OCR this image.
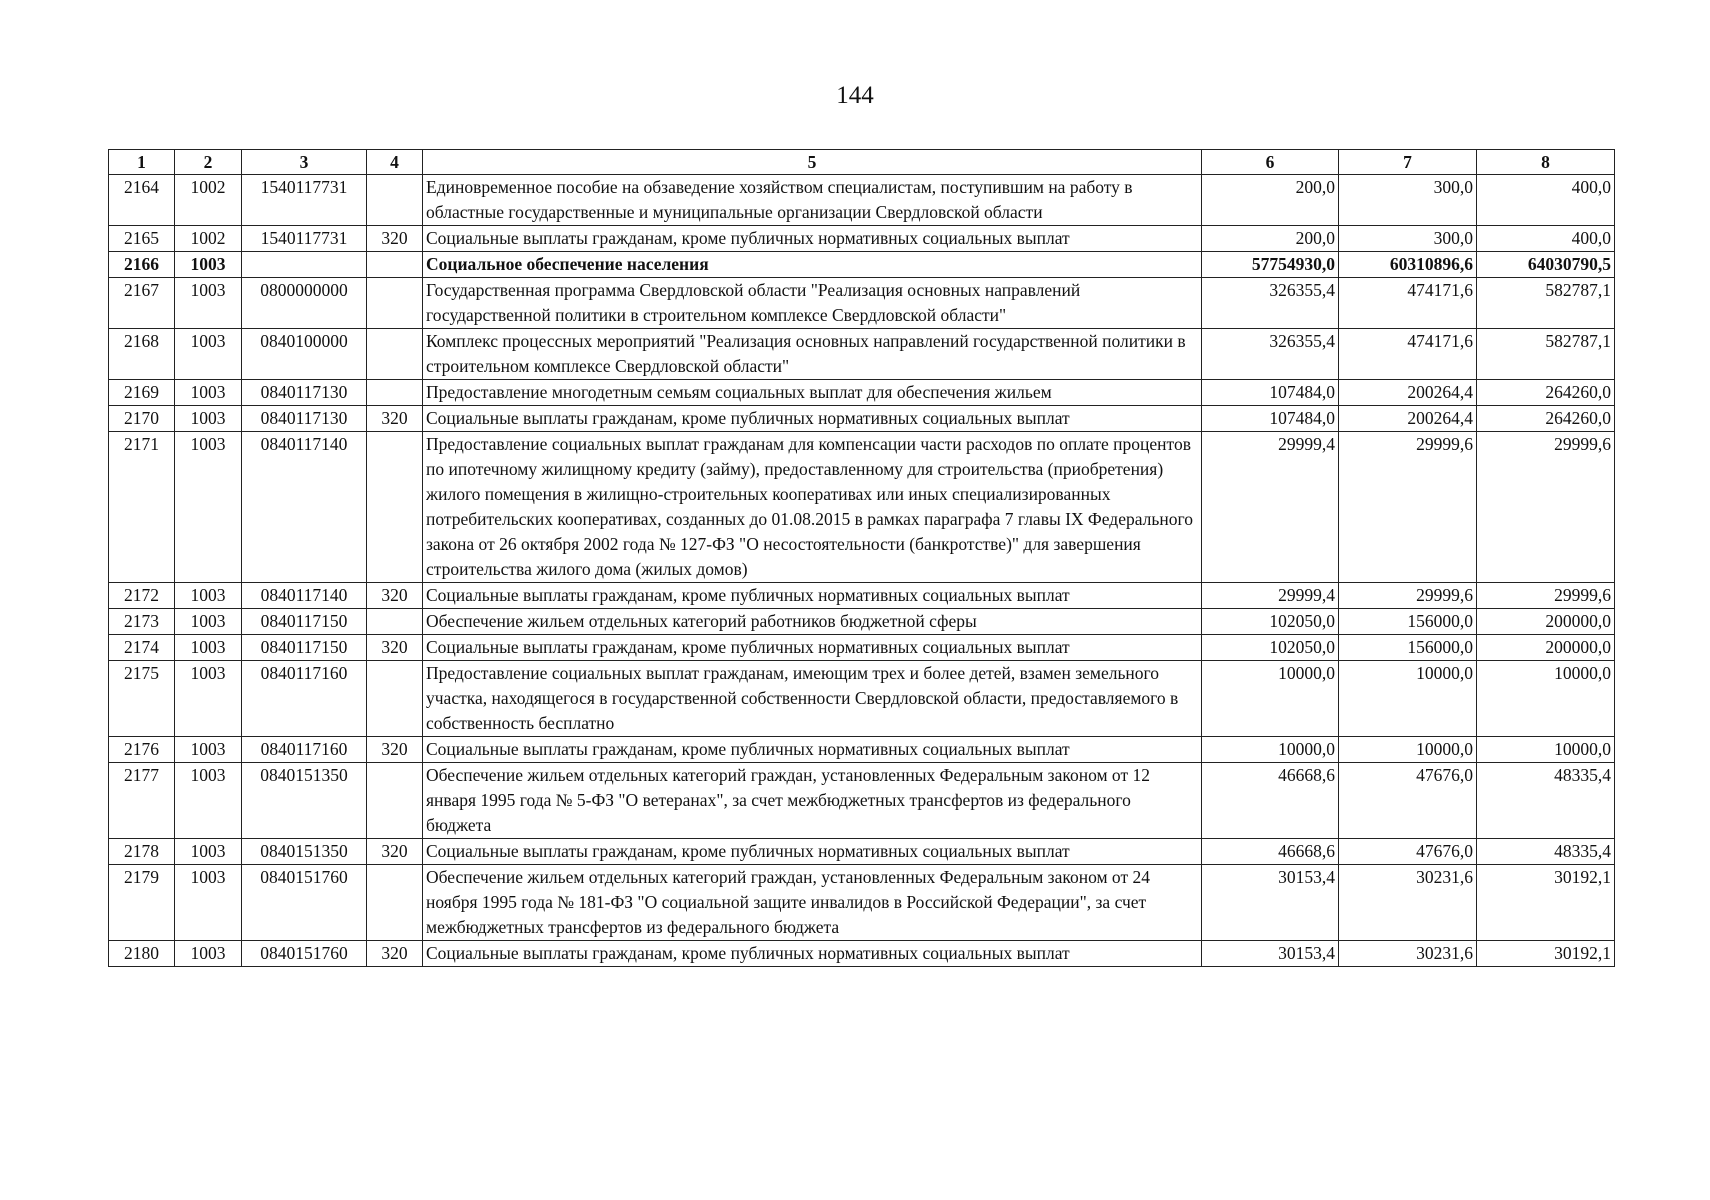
144
1	2	3	4	5	6	7	8
2164	1002	1540117731		Единовременное пособие на обзаведение хозяйством специалистам, поступившим на работу в областные государственные и муниципальные организации Свердловской области	200,0	300,0	400,0
2165	1002	1540117731	320	Социальные выплаты гражданам, кроме публичных нормативных социальных выплат	200,0	300,0	400,0
2166	1003			Социальное обеспечение населения	57754930,0	60310896,6	64030790,5
2167	1003	0800000000		Государственная программа Свердловской области "Реализация основных направлений государственной политики в строительном комплексе Свердловской области"	326355,4	474171,6	582787,1
2168	1003	0840100000		Комплекс процессных мероприятий "Реализация основных направлений государственной политики в строительном комплексе Свердловской области"	326355,4	474171,6	582787,1
2169	1003	0840117130		Предоставление многодетным семьям социальных выплат для обеспечения жильем	107484,0	200264,4	264260,0
2170	1003	0840117130	320	Социальные выплаты гражданам, кроме публичных нормативных социальных выплат	107484,0	200264,4	264260,0
2171	1003	0840117140		Предоставление социальных выплат гражданам для компенсации части расходов по оплате процентов по ипотечному жилищному кредиту (займу), предоставленному для строительства (приобретения) жилого помещения в жилищно-строительных кооперативах или иных специализированных потребительских кооперативах, созданных до 01.08.2015 в рамках параграфа 7 главы IX Федерального закона от 26 октября 2002 года № 127-ФЗ "О несостоятельности (банкротстве)" для завершения строительства жилого дома (жилых домов)	29999,4	29999,6	29999,6
2172	1003	0840117140	320	Социальные выплаты гражданам, кроме публичных нормативных социальных выплат	29999,4	29999,6	29999,6
2173	1003	0840117150		Обеспечение жильем отдельных категорий работников бюджетной сферы	102050,0	156000,0	200000,0
2174	1003	0840117150	320	Социальные выплаты гражданам, кроме публичных нормативных социальных выплат	102050,0	156000,0	200000,0
2175	1003	0840117160		Предоставление социальных выплат гражданам, имеющим трех и более детей, взамен земельного участка, находящегося в государственной собственности Свердловской области, предоставляемого в собственность бесплатно	10000,0	10000,0	10000,0
2176	1003	0840117160	320	Социальные выплаты гражданам, кроме публичных нормативных социальных выплат	10000,0	10000,0	10000,0
2177	1003	0840151350		Обеспечение жильем отдельных категорий граждан, установленных Федеральным законом от 12 января 1995 года № 5-ФЗ "О ветеранах", за счет межбюджетных трансфертов из федерального бюджета	46668,6	47676,0	48335,4
2178	1003	0840151350	320	Социальные выплаты гражданам, кроме публичных нормативных социальных выплат	46668,6	47676,0	48335,4
2179	1003	0840151760		Обеспечение жильем отдельных категорий граждан, установленных Федеральным законом от 24 ноября 1995 года № 181-ФЗ "О социальной защите инвалидов в Российской Федерации", за счет межбюджетных трансфертов из федерального бюджета	30153,4	30231,6	30192,1
2180	1003	0840151760	320	Социальные выплаты гражданам, кроме публичных нормативных социальных выплат	30153,4	30231,6	30192,1
